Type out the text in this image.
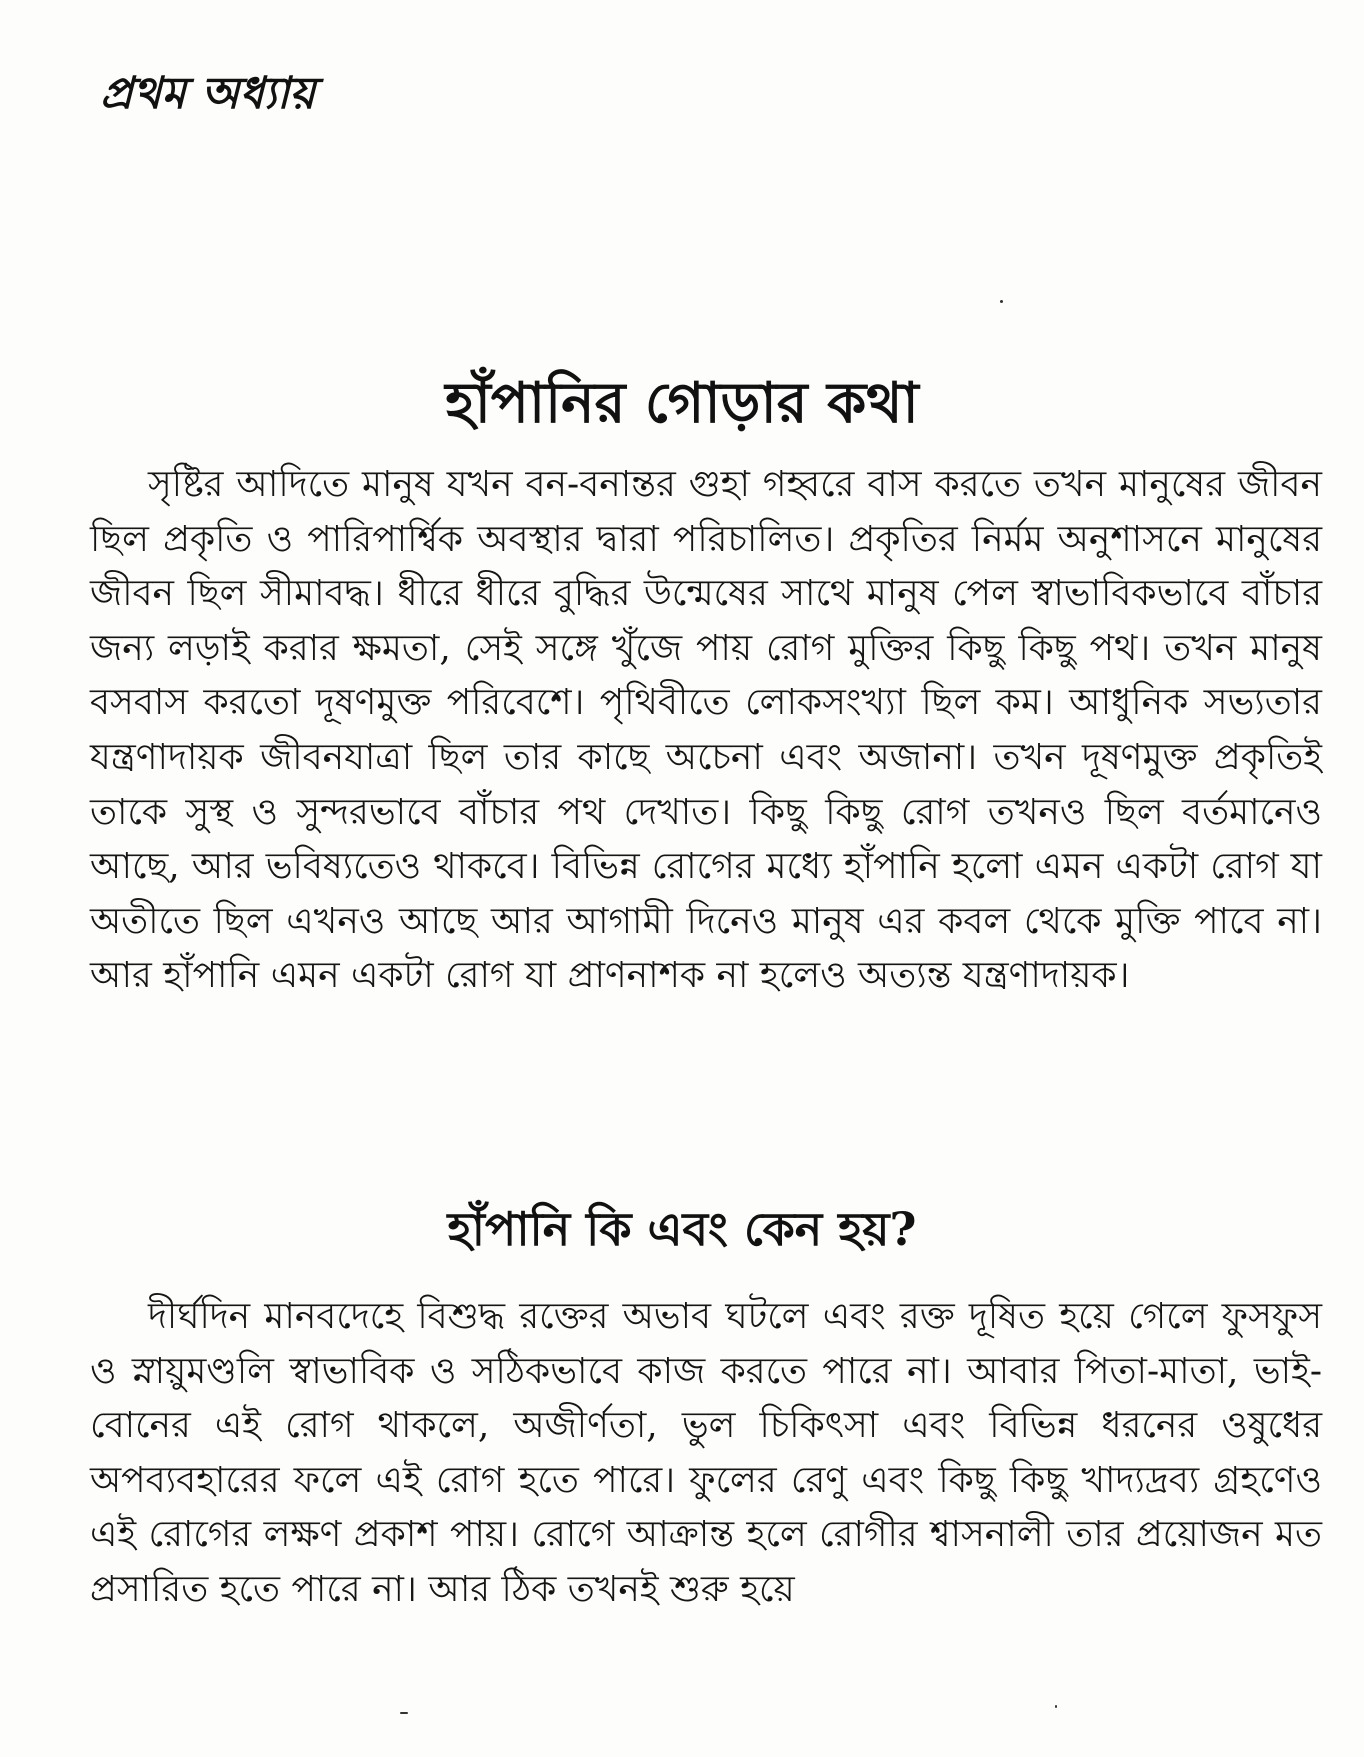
প্রথম অধ্যায়
হাঁপানির গোড়ার কথা

সৃষ্টির আদিতে মানুষ যখন বন-বনান্তর গুহা গহ্বরে বাস করতে তখন মানুষের জীবন ছিল প্রকৃতি ও পারিপার্শ্বিক অবস্থার দ্বারা পরিচালিত। প্রকৃতির নির্মম অনুশাসনে মানুষের জীবন ছিল সীমাবদ্ধ। ধীরে ধীরে বুদ্ধির উন্মেষের সাথে মানুষ পেল স্বাভাবিকভাবে বাঁচার জন্য লড়াই করার ক্ষমতা, সেই সঙ্গে খুঁজে পায় রোগ মুক্তির কিছু কিছু পথ। তখন মানুষ বসবাস করতো দূষণমুক্ত পরিবেশে। পৃথিবীতে লোকসংখ্যা ছিল কম। আধুনিক সভ্যতার যন্ত্রণাদায়ক জীবনযাত্রা ছিল তার কাছে অচেনা এবং অজানা। তখন দূষণমুক্ত প্রকৃতিই তাকে সুস্থ ও সুন্দরভাবে বাঁচার পথ দেখাত। কিছু কিছু রোগ তখনও ছিল বর্তমানেও আছে, আর ভবিষ্যতেও থাকবে। বিভিন্ন রোগের মধ্যে হাঁপানি হলো এমন একটা রোগ যা অতীতে ছিল এখনও আছে আর আগামী দিনেও মানুষ এর কবল থেকে মুক্তি পাবে না। আর হাঁপানি এমন একটা রোগ যা প্রাণনাশক না হলেও অত্যন্ত যন্ত্রণাদায়ক।

হাঁপানি কি এবং কেন হয়?

দীর্ঘদিন মানবদেহে বিশুদ্ধ রক্তের অভাব ঘটলে এবং রক্ত দূষিত হয়ে গেলে ফুসফুস ও স্নায়ুমণ্ডলি স্বাভাবিক ও সঠিকভাবে কাজ করতে পারে না। আবার পিতা-মাতা, ভাই-বোনের এই রোগ থাকলে, অজীর্ণতা, ভুল চিকিৎসা এবং বিভিন্ন ধরনের ওষুধের অপব্যবহারের ফলে এই রোগ হতে পারে। ফুলের রেণু এবং কিছু কিছু খাদ্যদ্রব্য গ্রহণেও এই রোগের লক্ষণ প্রকাশ পায়। রোগে আক্রান্ত হলে রোগীর শ্বাসনালী তার প্রয়োজন মত প্রসারিত হতে পারে না। আর ঠিক তখনই শুরু হয়ে
